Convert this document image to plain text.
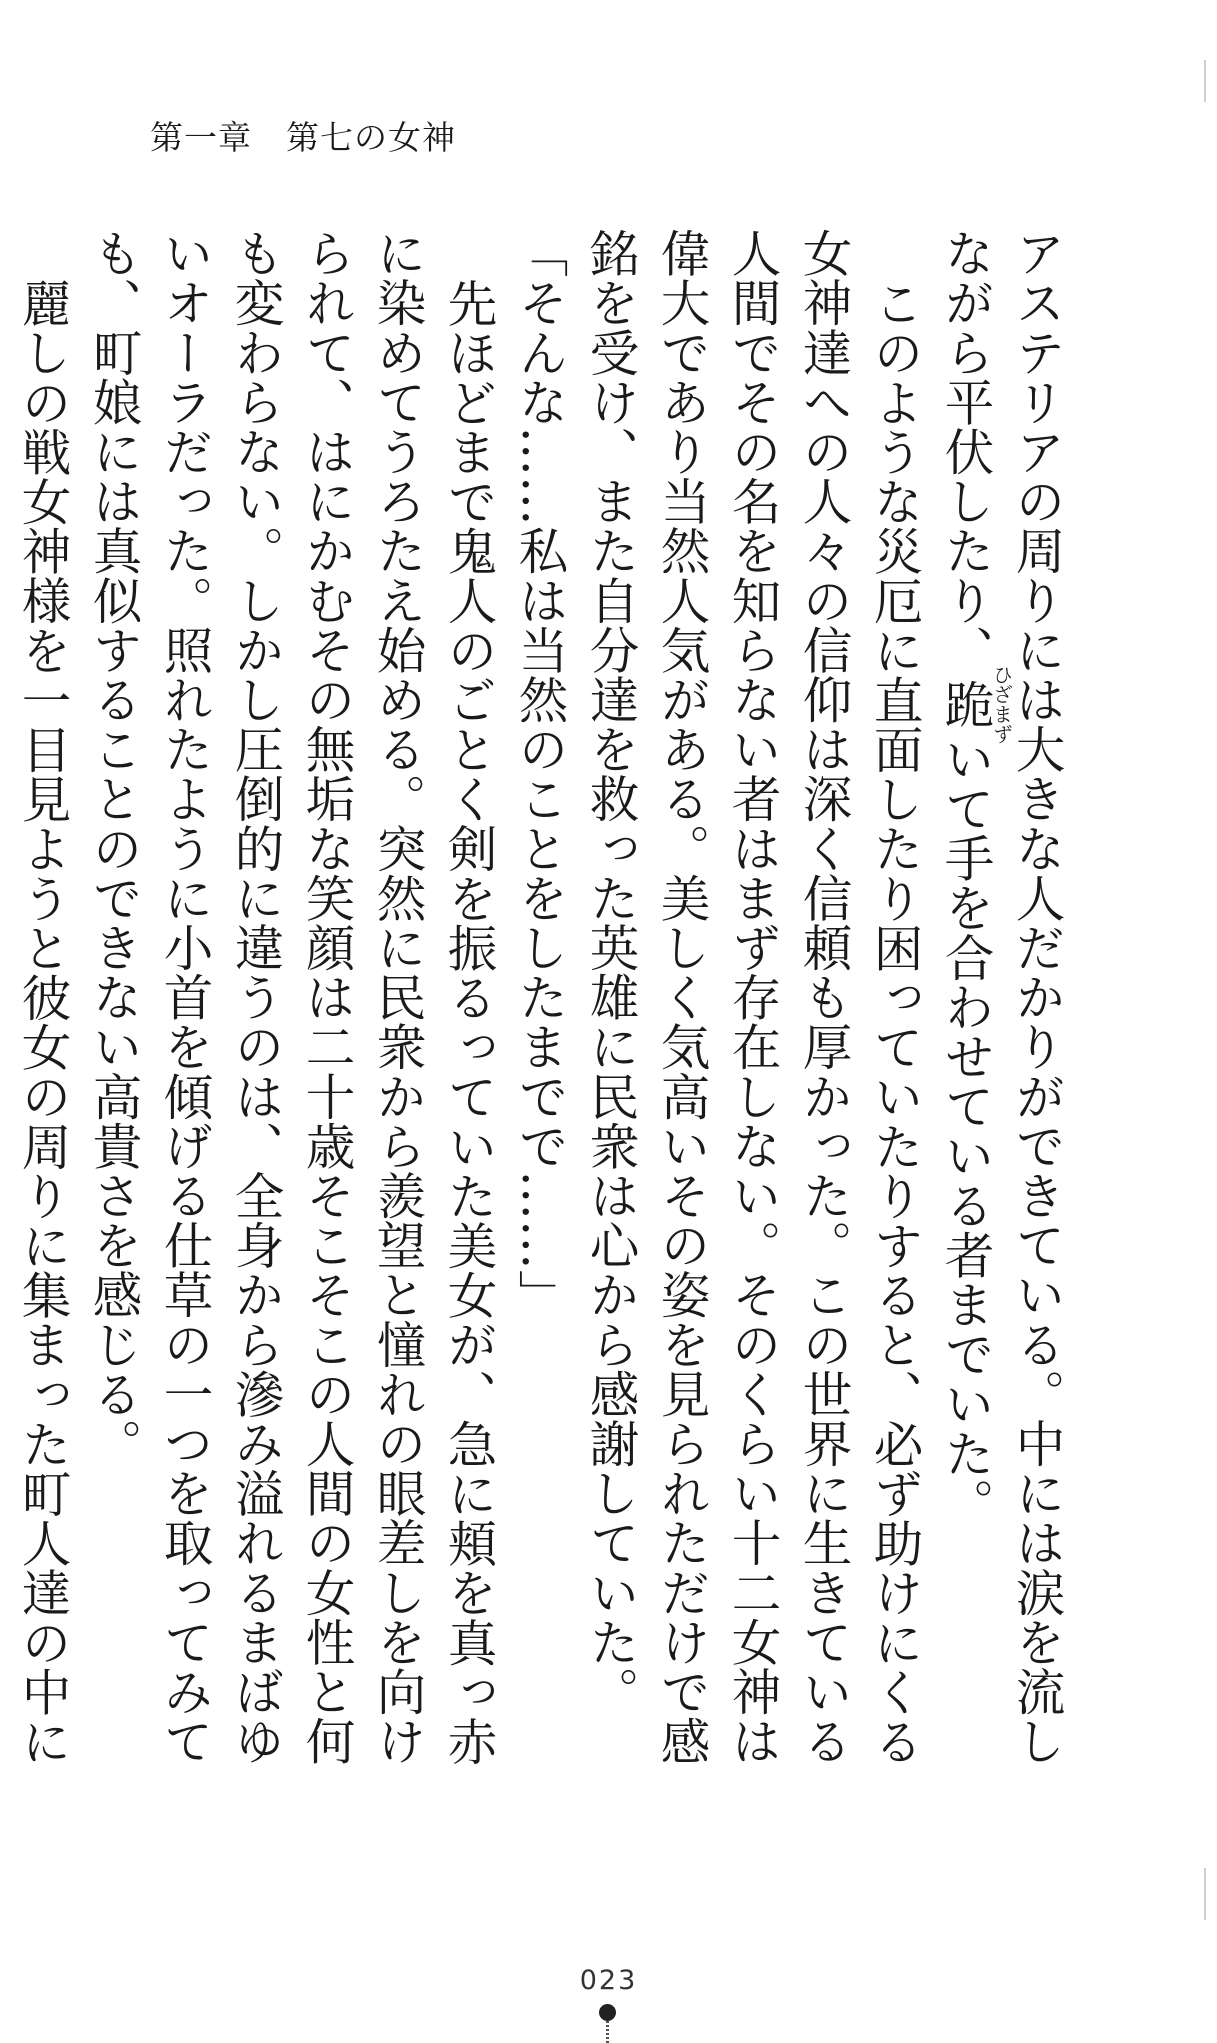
第一章　第七の女神

アステリアの周りには大きな人だかりができている。中には涙を流しながら平伏したり、跪ひざまずいて手を合わせている者までいた。

このような災厄に直面したり困っていたりすると、必ず助けにくる女神達への人々の信仰は深く信頼も厚かった。この世界に生きている人間でその名を知らない者はまず存在しない。そのくらい十二女神は偉大であり当然人気がある。美しく気高いその姿を見られただけで感銘を受け、また自分達を救った英雄に民衆は心から感謝していた。

「そんな……私は当然のことをしたまでで……」

先ほどまで鬼人のごとく剣を振るっていた美女が、急に頬を真っ赤に染めてうろたえ始める。突然に民衆から羨望と憧れの眼差しを向けられて、はにかむその無垢な笑顔は二十歳そこそこの人間の女性と何も変わらない。しかし圧倒的に違うのは、全身から滲み溢れるまばゆいオーラだった。照れたように小首を傾げる仕草の一つを取ってみても、町娘には真似することのできない高貴さを感じる。

麗しの戦女神様を一目見ようと彼女の周りに集まった町人達の中に

023
